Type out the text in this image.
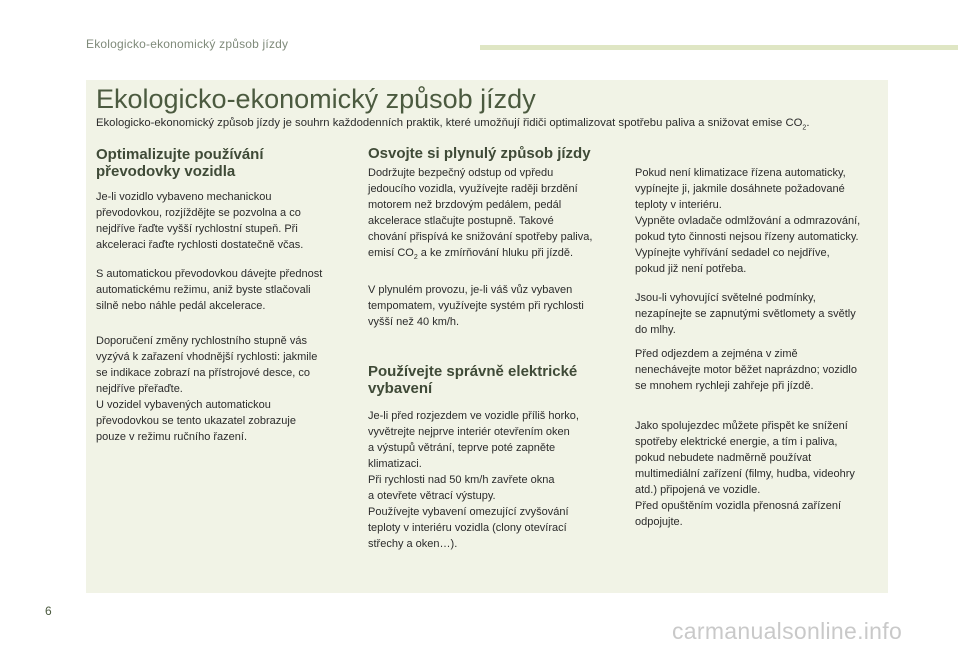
Ekologicko-ekonomický způsob jízdy
Ekologicko-ekonomický způsob jízdy
Ekologicko-ekonomický způsob jízdy je souhrn každodenních praktik, které umožňují řidiči optimalizovat spotřebu paliva a snižovat emise $CO_2$.
Optimalizujte používání
převodovky vozidla

Je-li vozidlo vybaveno mechanickou
převodovkou, rozjíždějte se pozvolna a co
nejdříve řaďte vyšší rychlostní stupeň. Při
akceleraci řaďte rychlosti dostatečně včas.

S automatickou převodovkou dávejte přednost
automatickému režimu, aniž byste stlačovali
silně nebo náhle pedál akcelerace.

Doporučení změny rychlostního stupně vás
vyzývá k zařazení vhodnější rychlosti: jakmile
se indikace zobrazí na přístrojové desce, co
nejdříve přeřaďte.
U vozidel vybavených automatickou
převodovkou se tento ukazatel zobrazuje
pouze v režimu ručního řazení.

Osvojte si plynulý způsob jízdy

Dodržujte bezpečný odstup od vpředu
jedoucího vozidla, využívejte raději brzdění
motorem než brzdovým pedálem, pedál
akcelerace stlačujte postupně. Takové
chování přispívá ke snižování spotřeby paliva,
emisí $CO_2$ a ke zmírňování hluku při jízdě.

V plynulém provozu, je-li váš vůz vybaven
tempomatem, využívejte systém při rychlosti
vyšší než 40 km/h.

Používejte správně elektrické
vybavení

Je-li před rozjezdem ve vozidle příliš horko,
vyvětrejte nejprve interiér otevřením oken
a výstupů větrání, teprve poté zapněte
klimatizaci.
Při rychlosti nad 50 km/h zavřete okna
a otevřete větrací výstupy.
Používejte vybavení omezující zvyšování
teploty v interiéru vozidla (clony otevírací
střechy a oken…).

Pokud není klimatizace řízena automaticky,
vypínejte ji, jakmile dosáhnete požadované
teploty v interiéru.
Vypněte ovladače odmlžování a odmrazování,
pokud tyto činnosti nejsou řízeny automaticky.
Vypínejte vyhřívání sedadel co nejdříve,
pokud již není potřeba.

Jsou-li vyhovující světelné podmínky,
nezapínejte se zapnutými světlomety a světly
do mlhy.

Před odjezdem a zejména v zimě
nenechávejte motor běžet naprázdno; vozidlo
se mnohem rychleji zahřeje při jízdě.

Jako spolujezdec můžete přispět ke snížení
spotřeby elektrické energie, a tím i paliva,
pokud nebudete nadměrně používat
multimediální zařízení (filmy, hudba, videohry
atd.) připojená ve vozidle.
Před opuštěním vozidla přenosná zařízení
odpojujte.

6
carmanualsonline.info
